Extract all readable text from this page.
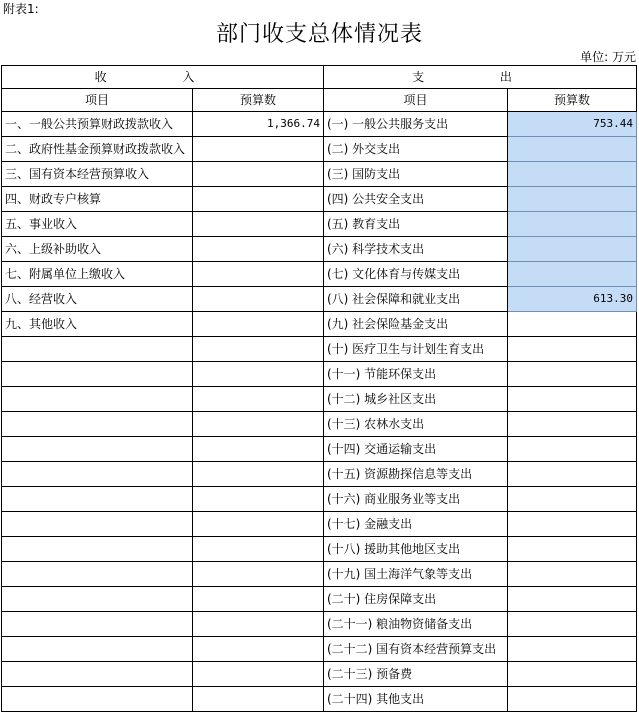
附表1:
部门收支总体情况表
单位: 万元
收 入		支 出	
项目	预算数	项目	预算数
一、一般公共预算财政拨款收入	1,366.74	(一) 一般公共服务支出	753.44
二、政府性基金预算财政拨款收入		(二) 外交支出	
三、国有资本经营预算收入		(三) 国防支出	
四、财政专户核算		(四) 公共安全支出	
五、事业收入		(五) 教育支出	
六、上级补助收入		(六) 科学技术支出	
七、附属单位上缴收入		(七) 文化体育与传媒支出	
八、经营收入		(八) 社会保障和就业支出	613.30
九、其他收入		(九) 社会保险基金支出	
		(十) 医疗卫生与计划生育支出	
		(十一) 节能环保支出	
		(十二) 城乡社区支出	
		(十三) 农林水支出	
		(十四) 交通运输支出	
		(十五) 资源勘探信息等支出	
		(十六) 商业服务业等支出	
		(十七) 金融支出	
		(十八) 援助其他地区支出	
		(十九) 国土海洋气象等支出	
		(二十) 住房保障支出	
		(二十一) 粮油物资储备支出	
		(二十二) 国有资本经营预算支出	
		(二十三) 预备费	
		(二十四) 其他支出	
